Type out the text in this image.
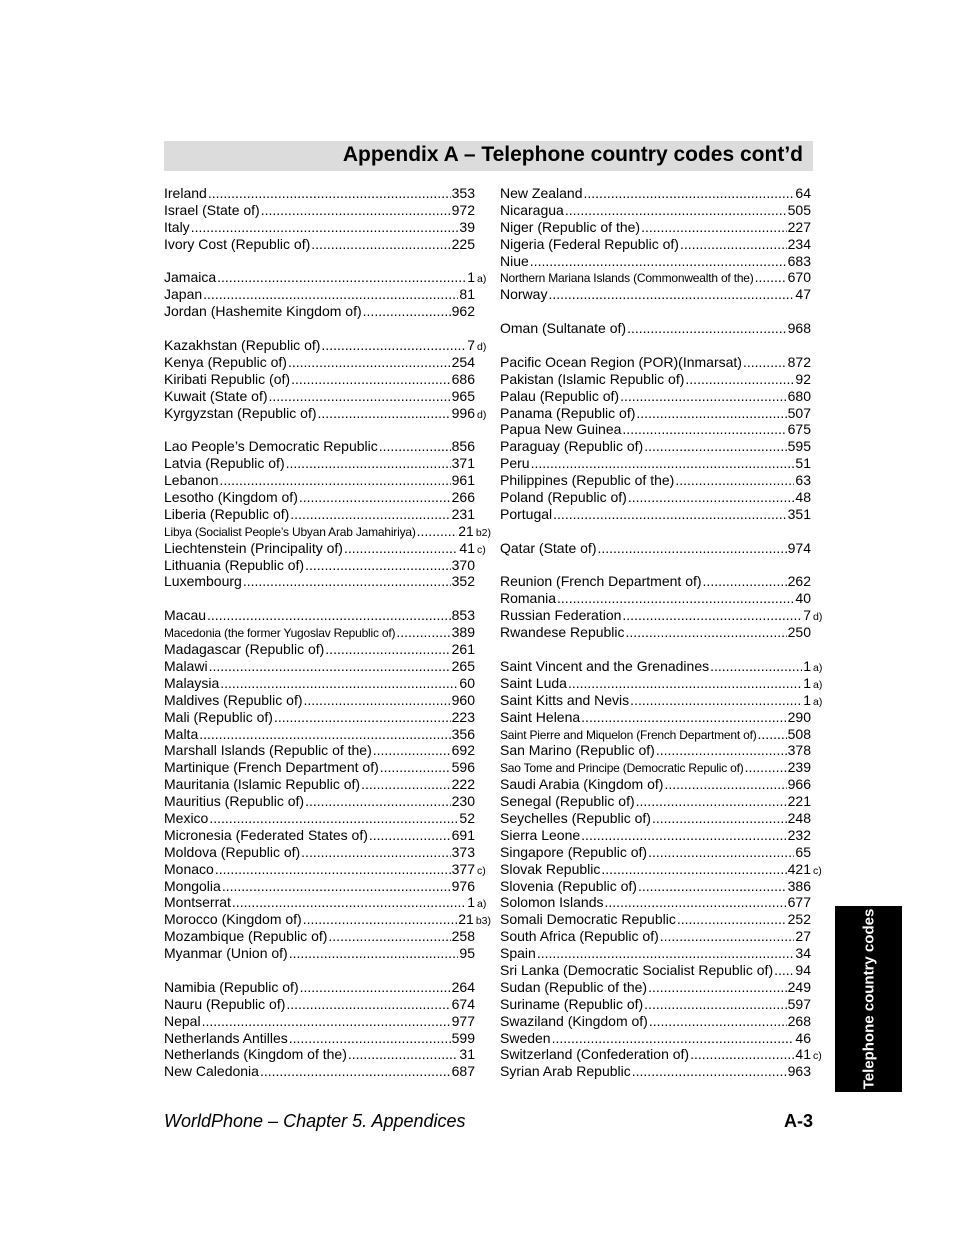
Appendix A – Telephone country codes cont’d
Ireland .....	353
Israel (State of) .....	972
Italy .....	39
Ivory Cost (Republic of) .....	225
Jamaica .....	1 a)
Japan .....	81
Jordan (Hashemite Kingdom of) .....	962
Kazakhstan (Republic of) .....	7 d)
Kenya (Republic of) .....	254
Kiribati Republic (of) .....	686
Kuwait (State of) .....	965
Kyrgyzstan (Republic of) .....	996 d)
Lao People’s Democratic Republic .....	856
Latvia (Republic of) .....	371
Lebanon .....	961
Lesotho (Kingdom of) .....	266
Liberia (Republic of) .....	231
Libya (Socialist People’s Ubyan Arab Jamahiriya) .....	21 b2)
Liechtenstein (Principality of) .....	41 c)
Lithuania (Republic of) .....	370
Luxembourg .....	352
Macau .....	853
Macedonia (the former Yugoslav Republic of) .....	389
Madagascar (Republic of) .....	261
Malawi .....	265
Malaysia .....	60
Maldives (Republic of) .....	960
Mali (Republic of) .....	223
Malta .....	356
Marshall Islands (Republic of the) .....	692
Martinique (French Department of) .....	596
Mauritania (Islamic Republic of) .....	222
Mauritius (Republic of) .....	230
Mexico .....	52
Micronesia (Federated States of) .....	691
Moldova (Republic of) .....	373
Monaco .....	377 c)
Mongolia .....	976
Montserrat .....	1 a)
Morocco (Kingdom of) .....	21 b3)
Mozambique (Republic of) .....	258
Myanmar (Union of) .....	95
Namibia (Republic of) .....	264
Nauru (Republic of) .....	674
Nepal .....	977
Netherlands Antilles .....	599
Netherlands (Kingdom of the) .....	31
New Caledonia .....	687
New Zealand .....	64
Nicaragua .....	505
Niger (Republic of the) .....	227
Nigeria (Federal Republic of) .....	234
Niue .....	683
Northern Mariana Islands (Commonwealth of the) ..... 670
Norway .....	47
Oman (Sultanate of) .....	968
Pacific Ocean Region (POR)(Inmarsat) .....	872
Pakistan (Islamic Republic of) .....	92
Palau (Republic of) .....	680
Panama (Republic of) .....	507
Papua New Guinea .....	675
Paraguay (Republic of) .....	595
Peru .....	51
Philippines (Republic of the) .....	63
Poland (Republic of) .....	48
Portugal .....	351
Qatar (State of) .....	974
Reunion (French Department of) .....	262
Romania .....	40
Russian Federation .....	7 d)
Rwandese Republic .....	250
Saint Vincent and the Grenadines .....	1 a)
Saint Luda .....	1 a)
Saint Kitts and Nevis .....	1 a)
Saint Helena .....	290
Saint Pierre and Miquelon (French Department of) ..... 508
San Marino (Republic of) .....	378
Sao Tome and Principe (Democratic Repulic of) .....	239
Saudi Arabia (Kingdom of) .....	966
Senegal (Republic of) .....	221
Seychelles (Republic of) .....	248
Sierra Leone .....	232
Singapore (Republic of) .....	65
Slovak Republic .....	421 c)
Slovenia (Republic of) .....	386
Solomon Islands .....	677
Somali Democratic Republic .....	252
South Africa (Republic of) .....	27
Spain .....	34
Sri Lanka (Democratic Socialist Republic of) ..... 94
Sudan (Republic of the) .....	249
Suriname (Republic of) .....	597
Swaziland (Kingdom of) .....	268
Sweden .....	46
Switzerland (Confederation of) .....	41 c)
Syrian Arab Republic .....	963
WorldPhone – Chapter 5. Appendices	A-3
Telephone country codes
